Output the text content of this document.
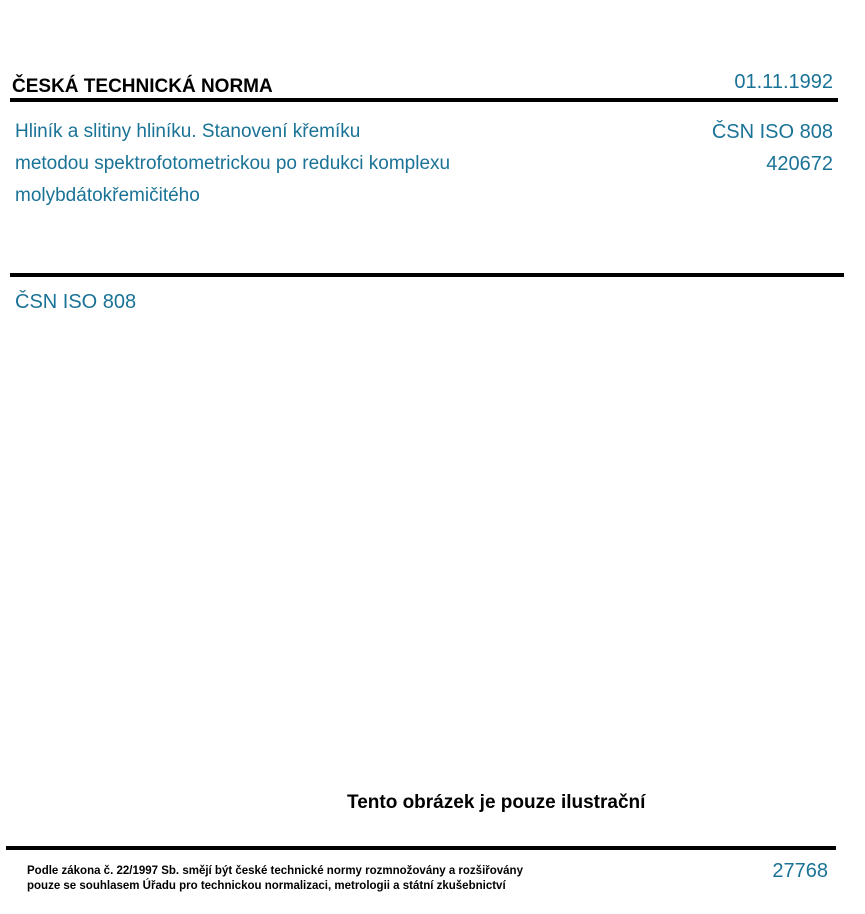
ČESKÁ TECHNICKÁ NORMA	01.11.1992
Hliník a slitiny hliníku. Stanovení křemíku
metodou spektrofotometrickou po redukci komplexu
molybdátokřemičitého
ČSN ISO 808
420672
ČSN ISO 808
Tento obrázek je pouze ilustrační
Podle zákona č. 22/1997 Sb. smějí být české technické normy rozmnožovány a rozšiřovány
pouze se souhlasem Úřadu pro technickou normalizaci, metrologii a státní zkušebnictví
27768
